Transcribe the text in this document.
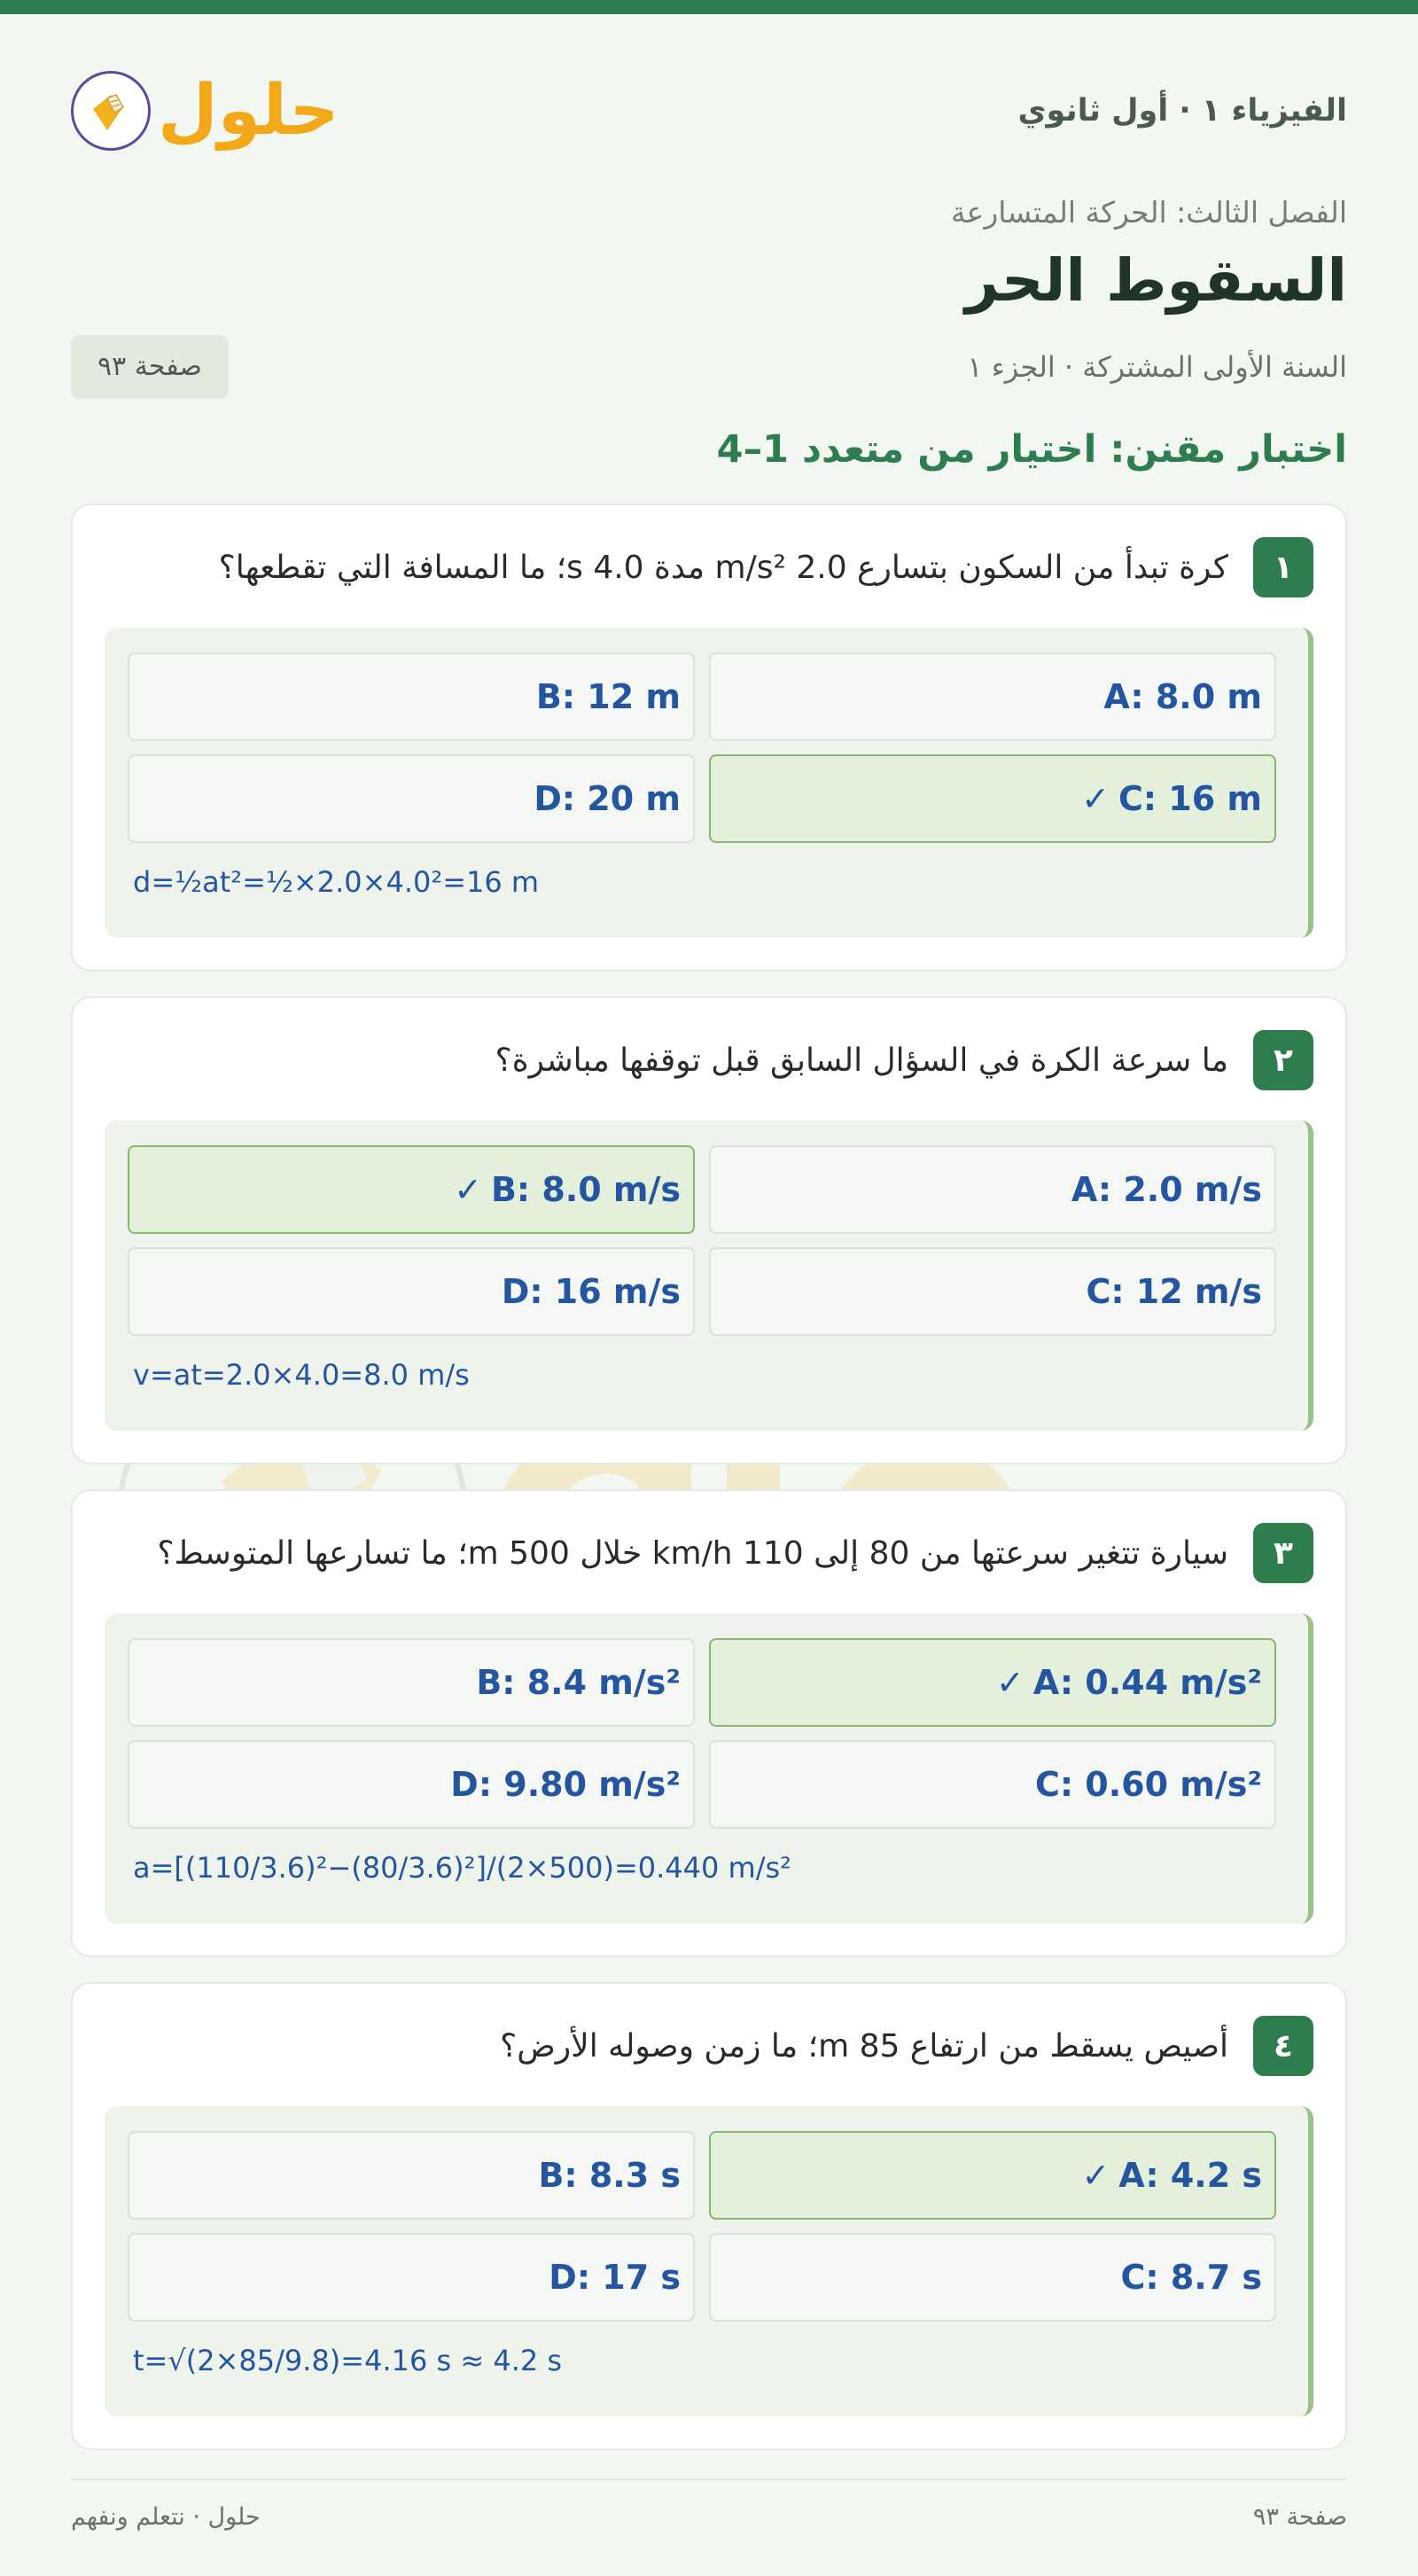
الفيزياء ١ · أول ثانوي
حلول
الفصل الثالث: الحركة المتسارعة
السقوط الحر
السنة الأولى المشتركة · الجزء ١
صفحة ٩٣
اختبار مقنن: اختيار من متعدد 1–4
١
كرة تبدأ من السكون بتسارع m/s² 2.0 مدة s 4.0؛ ما المسافة التي تقطعها؟
A: 8.0 m
B: 12 m
✓ C: 16 m
D: 20 m
d=½at²=½×2.0×4.0²=16 m
٢
ما سرعة الكرة في السؤال السابق قبل توقفها مباشرة؟
A: 2.0 m/s
✓ B: 8.0 m/s
C: 12 m/s
D: 16 m/s
v=at=2.0×4.0=8.0 m/s
٣
سيارة تتغير سرعتها من 80 إلى km/h 110 خلال m 500؛ ما تسارعها المتوسط؟
✓ A: 0.44 m/s²
B: 8.4 m/s²
C: 0.60 m/s²
D: 9.80 m/s²
a=[(110/3.6)²−(80/3.6)²]/(2×500)=0.440 m/s²
٤
أصيص يسقط من ارتفاع m 85؛ ما زمن وصوله الأرض؟
✓ A: 4.2 s
B: 8.3 s
C: 8.7 s
D: 17 s
t=√(2×85/9.8)=4.16 s ≈ 4.2 s
صفحة ٩٣
حلول · نتعلم ونفهم
